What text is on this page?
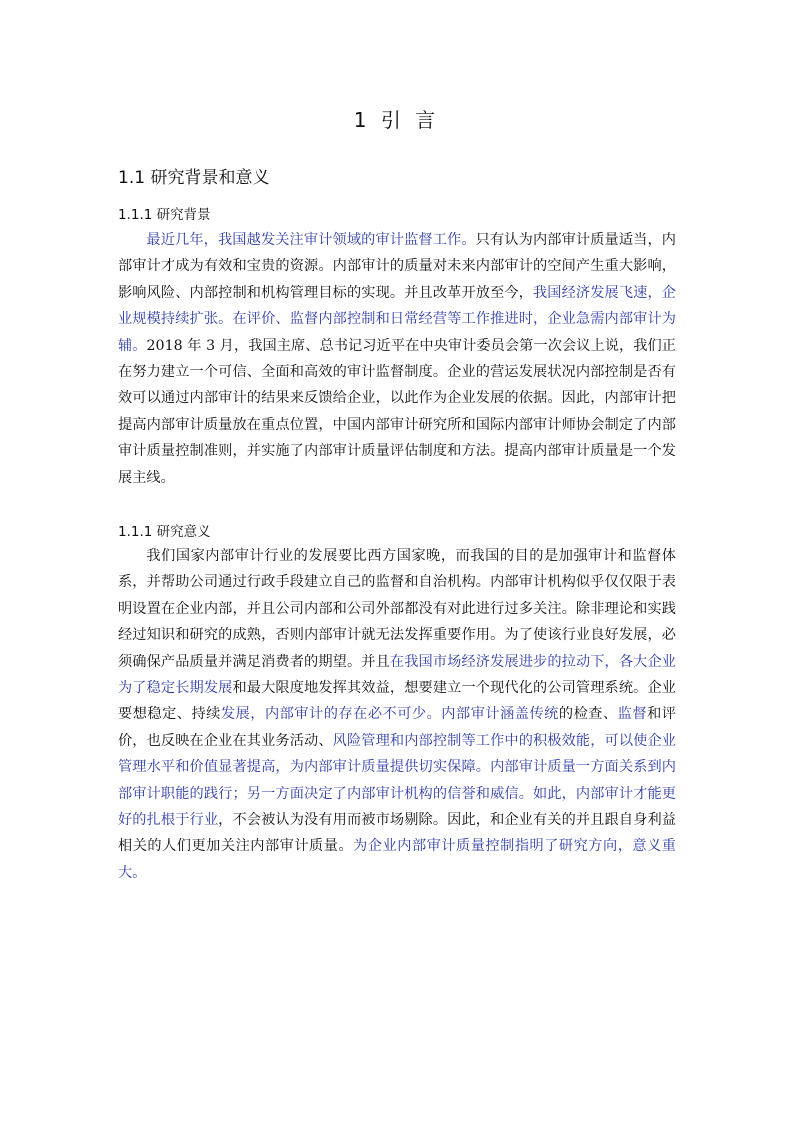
1 引 言
1.1 研究背景和意义
1.1.1 研究背景

最近几年，我国越发关注审计领域的审计监督工作。只有认为内部审计质量适当，内部审计才成为有效和宝贵的资源。内部审计的质量对未来内部审计的空间产生重大影响，影响风险、内部控制和机构管理目标的实现。并且改革开放至今，我国经济发展飞速，企业规模持续扩张。在评价、监督内部控制和日常经营等工作推进时，企业急需内部审计为辅。2018 年 3 月，我国主席、总书记习近平在中央审计委员会第一次会议上说，我们正在努力建立一个可信、全面和高效的审计监督制度。企业的营运发展状况内部控制是否有效可以通过内部审计的结果来反馈给企业，以此作为企业发展的依据。因此，内部审计把提高内部审计质量放在重点位置，中国内部审计研究所和国际内部审计师协会制定了内部审计质量控制准则，并实施了内部审计质量评估制度和方法。提高内部审计质量是一个发展主线。

1.1.1 研究意义

我们国家内部审计行业的发展要比西方国家晚，而我国的目的是加强审计和监督体系，并帮助公司通过行政手段建立自己的监督和自治机构。内部审计机构似乎仅仅限于表明设置在企业内部，并且公司内部和公司外部都没有对此进行过多关注。除非理论和实践经过知识和研究的成熟，否则内部审计就无法发挥重要作用。为了使该行业良好发展，必须确保产品质量并满足消费者的期望。并且在我国市场经济发展进步的拉动下，各大企业为了稳定长期发展和最大限度地发挥其效益，想要建立一个现代化的公司管理系统。企业要想稳定、持续发展，内部审计的存在必不可少。内部审计涵盖传统的检查、监督和评价，也反映在企业在其业务活动、风险管理和内部控制等工作中的积极效能，可以使企业管理水平和价值显著提高，为内部审计质量提供切实保障。内部审计质量一方面关系到内部审计职能的践行；另一方面决定了内部审计机构的信誉和威信。如此，内部审计才能更好的扎根于行业，不会被认为没有用而被市场剔除。因此，和企业有关的并且跟自身利益相关的人们更加关注内部审计质量。为企业内部审计质量控制指明了研究方向，意义重大。
